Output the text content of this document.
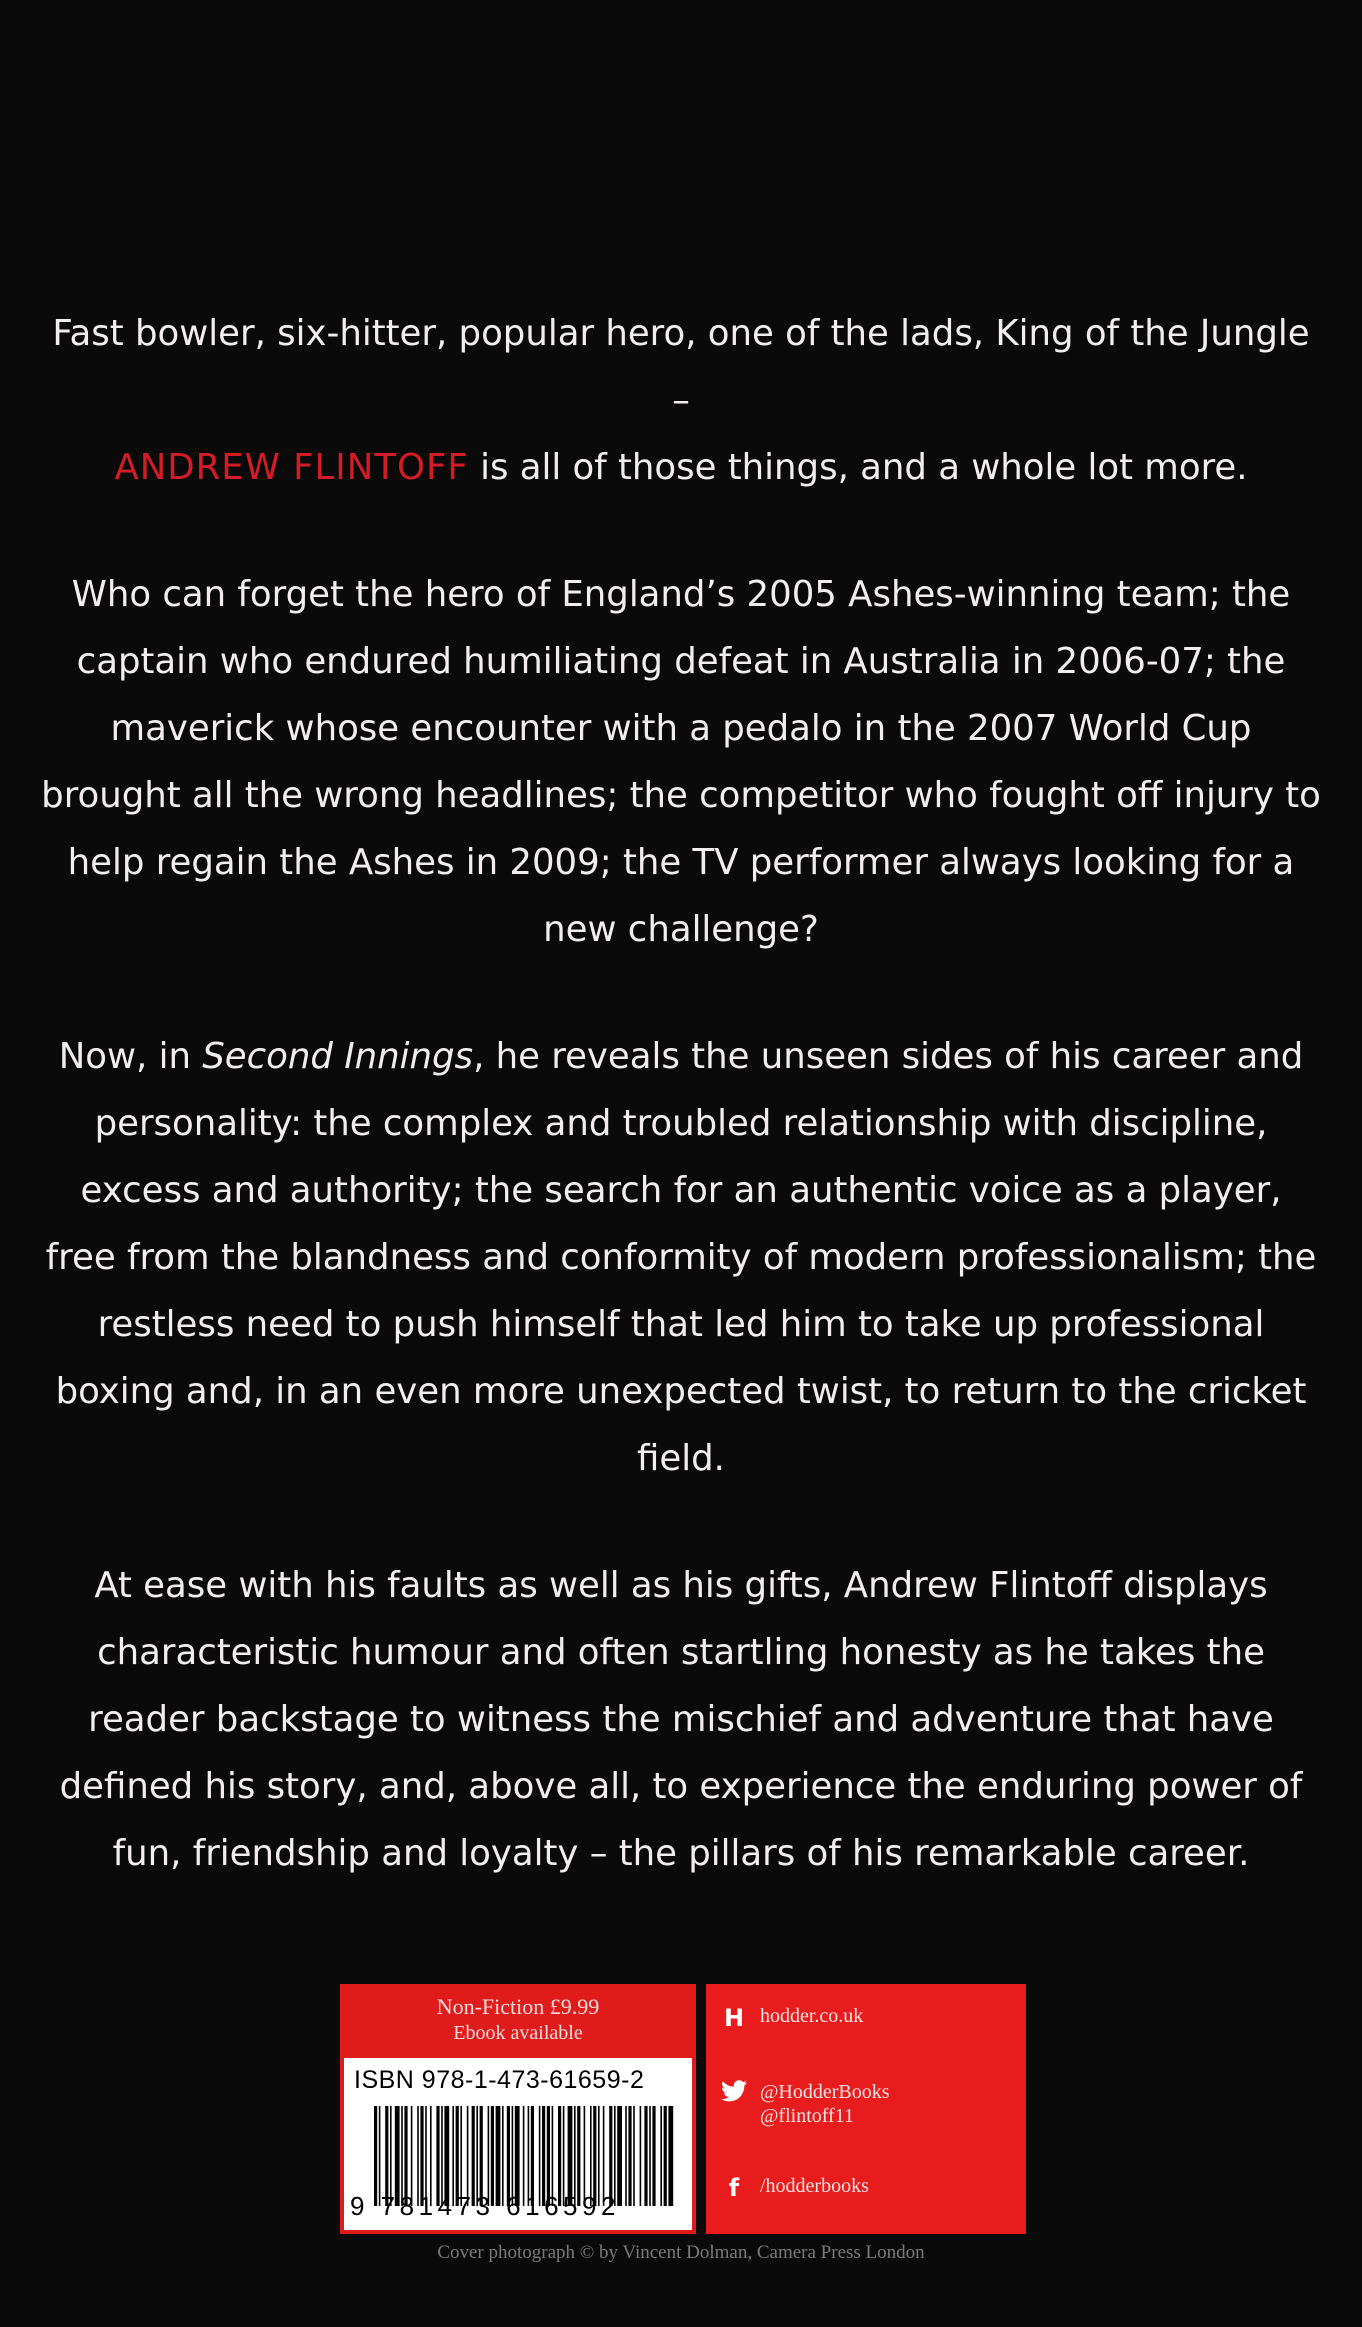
Fast bowler, six-hitter, popular hero, one of the lads, King of the Jungle –
ANDREW FLINTOFF is all of those things, and a whole lot more.

Who can forget the hero of England’s 2005 Ashes-winning team; the captain who endured humiliating defeat in Australia in 2006-07; the maverick whose encounter with a pedalo in the 2007 World Cup brought all the wrong headlines; the competitor who fought off injury to help regain the Ashes in 2009; the TV performer always looking for a new challenge?

Now, in Second Innings, he reveals the unseen sides of his career and personality: the complex and troubled relationship with discipline, excess and authority; the search for an authentic voice as a player, free from the blandness and conformity of modern professionalism; the restless need to push himself that led him to take up professional boxing and, in an even more unexpected twist, to return to the cricket field.

At ease with his faults as well as his gifts, Andrew Flintoff displays characteristic humour and often startling honesty as he takes the reader backstage to witness the mischief and adventure that have defined his story, and, above all, to experience the enduring power of fun, friendship and loyalty – the pillars of his remarkable career.

Non-Fiction £9.99
Ebook available
ISBN 978-1-473-61659-2
9 781473 616592
H hodder.co.uk
@HodderBooks
@flintoff11
f	/hodderbooks
Cover photograph © by Vincent Dolman, Camera Press London
